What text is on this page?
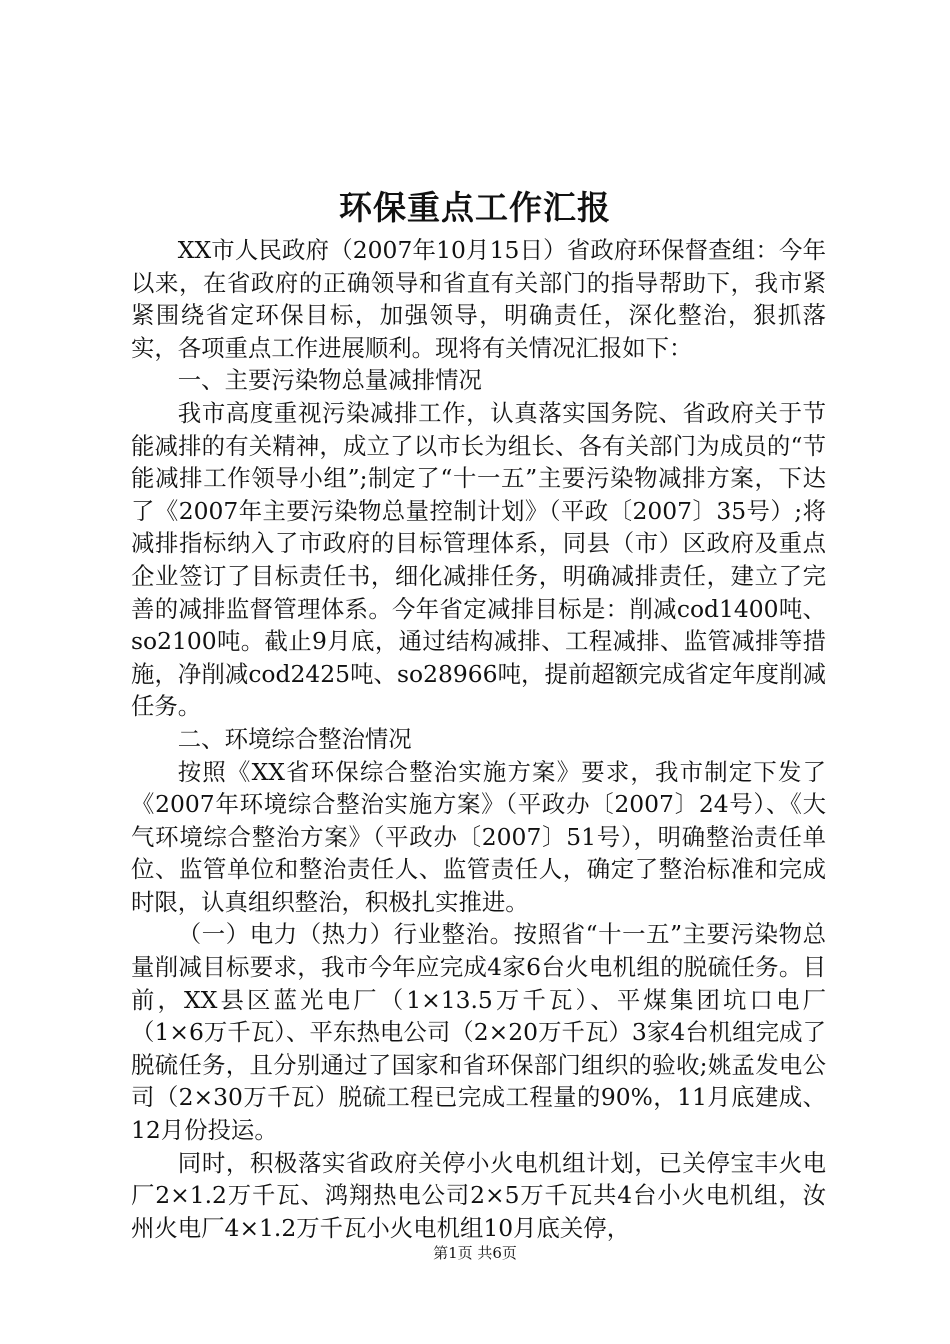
环保重点工作汇报

XX市人民政府（2007年10月15日）省政府环保督查组：今年以来，在省政府的正确领导和省直有关部门的指导帮助下，我市紧紧围绕省定环保目标，加强领导，明确责任，深化整治，狠抓落实，各项重点工作进展顺利。现将有关情况汇报如下：

一、主要污染物总量减排情况

我市高度重视污染减排工作，认真落实国务院、省政府关于节能减排的有关精神，成立了以市长为组长、各有关部门为成员的“节能减排工作领导小组”;制定了“十一五”主要污染物减排方案，下达了《2007年主要污染物总量控制计划》（平政〔2007〕35号）;将减排指标纳入了市政府的目标管理体系，同县（市）区政府及重点企业签订了目标责任书，细化减排任务，明确减排责任，建立了完善的减排监督管理体系。今年省定减排目标是：削减cod1400吨、so2100吨。截止9月底，通过结构减排、工程减排、监管减排等措施，净削减cod2425吨、so28966吨，提前超额完成省定年度削减任务。

二、环境综合整治情况

按照《XX省环保综合整治实施方案》要求，我市制定下发了《2007年环境综合整治实施方案》（平政办〔2007〕24号）、《大气环境综合整治方案》（平政办〔2007〕51号），明确整治责任单位、监管单位和整治责任人、监管责任人，确定了整治标准和完成时限，认真组织整治，积极扎实推进。

（一）电力（热力）行业整治。按照省“十一五”主要污染物总量削减目标要求，我市今年应完成4家6台火电机组的脱硫任务。目前，XX县区蓝光电厂（1×13.5万千瓦）、平煤集团坑口电厂（1×6万千瓦）、平东热电公司（2×20万千瓦）3家4台机组完成了脱硫任务，且分别通过了国家和省环保部门组织的验收;姚孟发电公司（2×30万千瓦）脱硫工程已完成工程量的90%，11月底建成、12月份投运。

同时，积极落实省政府关停小火电机组计划，已关停宝丰火电厂2×1.2万千瓦、鸿翔热电公司2×5万千瓦共4台小火电机组，汝州火电厂4×1.2万千瓦小火电机组10月底关停，

第1页 共6页
